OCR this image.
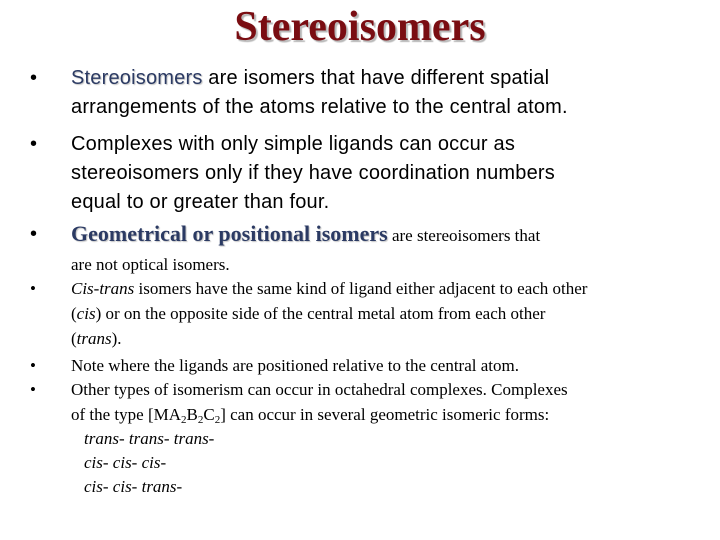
Stereoisomers
• Stereoisomers are isomers that have different spatial
arrangements of the atoms relative to the central atom.
• Complexes with only simple ligands can occur as
stereoisomers only if they have coordination numbers
equal to or greater than four.
• Geometrical or positional isomers are stereoisomers that
are not optical isomers.
• Cis-trans isomers have the same kind of ligand either adjacent to each other
(cis) or on the opposite side of the central metal atom from each other
(trans).
• Note where the ligands are positioned relative to the central atom.
• Other types of isomerism can occur in octahedral complexes. Complexes
of the type $[MA_2B_2C_2]$ can occur in several geometric isomeric forms:
trans- trans- trans-
cis- cis- cis-
cis- cis- trans-
